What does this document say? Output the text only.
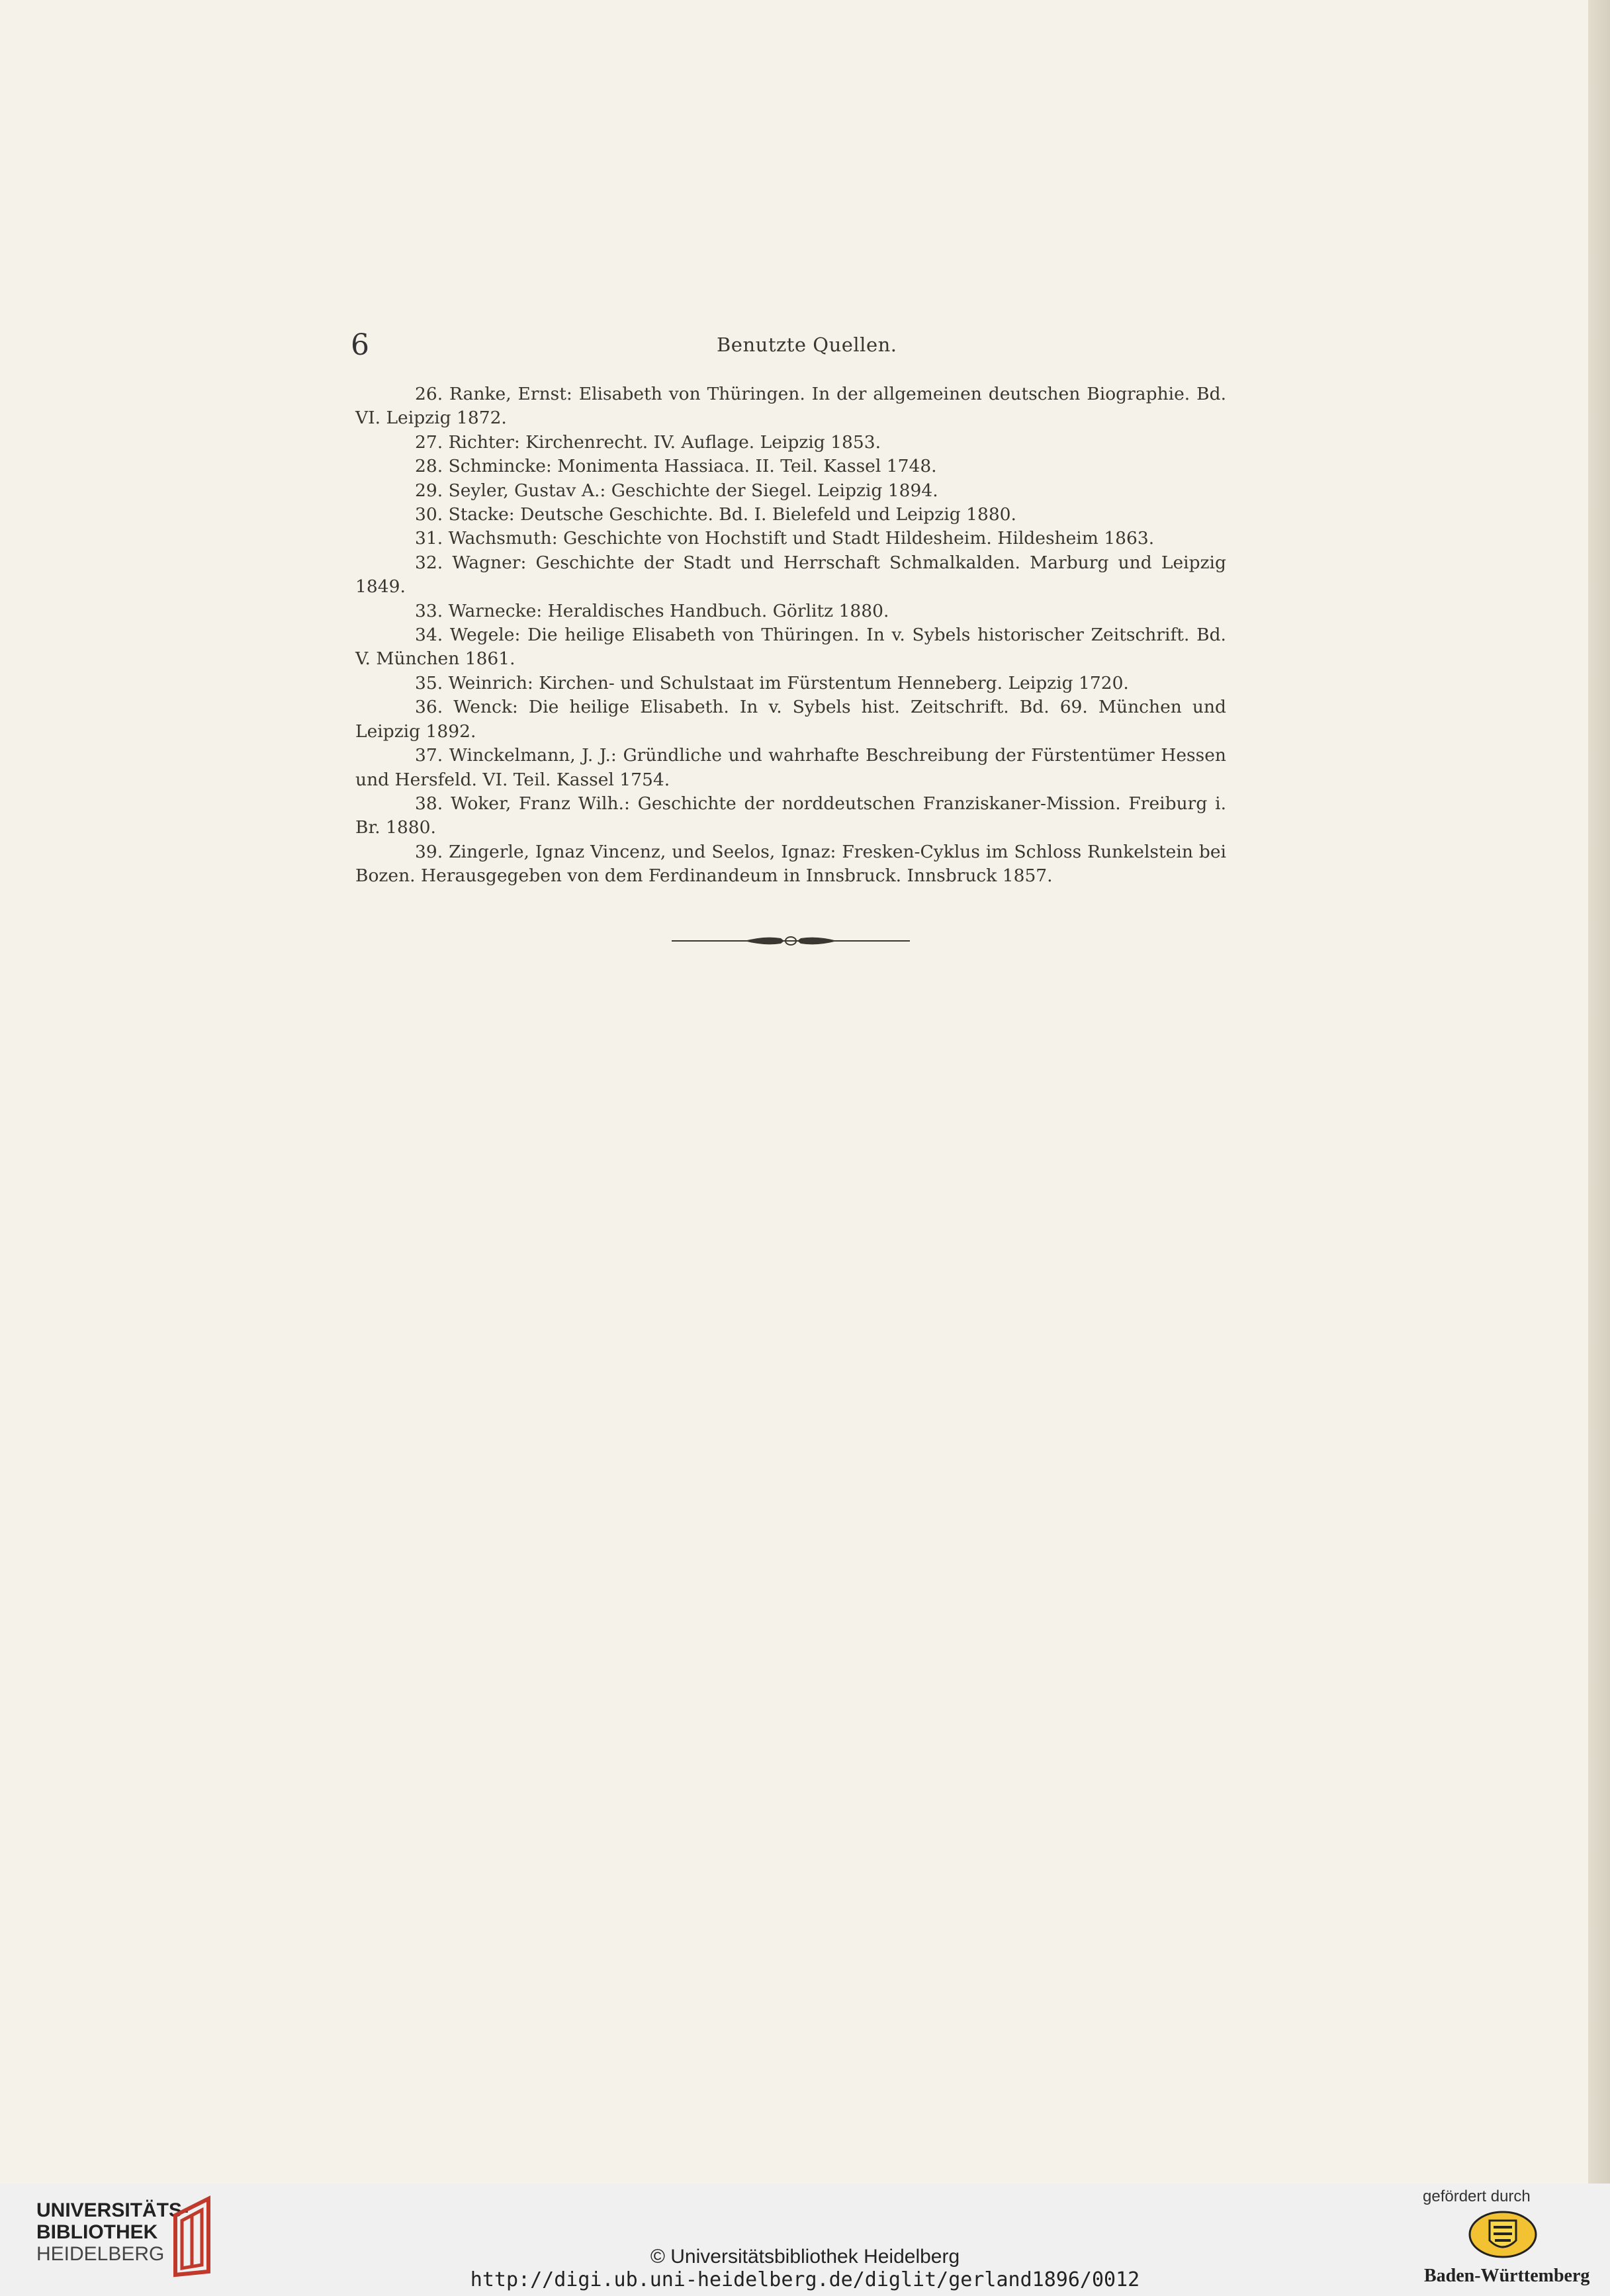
6	Benutzte Quellen.

26. Ranke, Ernst: Elisabeth von Thüringen. In der allgemeinen deutschen Biographie. Bd. VI. Leipzig 1872.

27. Richter: Kirchenrecht. IV. Auflage. Leipzig 1853.

28. Schmincke: Monimenta Hassiaca. II. Teil. Kassel 1748.

29. Seyler, Gustav A.: Geschichte der Siegel. Leipzig 1894.

30. Stacke: Deutsche Geschichte. Bd. I. Bielefeld und Leipzig 1880.

31. Wachsmuth: Geschichte von Hochstift und Stadt Hildesheim. Hildesheim 1863.

32. Wagner: Geschichte der Stadt und Herrschaft Schmalkalden. Marburg und Leipzig 1849.

33. Warnecke: Heraldisches Handbuch. Görlitz 1880.

34. Wegele: Die heilige Elisabeth von Thüringen. In v. Sybels historischer Zeitschrift. Bd. V. München 1861.

35. Weinrich: Kirchen- und Schulstaat im Fürstentum Henneberg. Leipzig 1720.

36. Wenck: Die heilige Elisabeth. In v. Sybels hist. Zeitschrift. Bd. 69. München und Leipzig 1892.

37. Winckelmann, J. J.: Gründliche und wahrhafte Beschreibung der Fürstentümer Hessen und Hersfeld. VI. Teil. Kassel 1754.

38. Woker, Franz Wilh.: Geschichte der norddeutschen Franziskaner-Mission. Freiburg i. Br. 1880.

39. Zingerle, Ignaz Vincenz, und Seelos, Ignaz: Fresken-Cyklus im Schloss Runkelstein bei Bozen. Herausgegeben von dem Ferdinandeum in Innsbruck. Innsbruck 1857.

UNIVERSITÄTS-
BIBLIOTHEK
HEIDELBERG	© Universitätsbibliothek Heidelberg
http://digi.ub.uni-heidelberg.de/diglit/gerland1896/0012
gefördert durch
Baden-Württemberg
